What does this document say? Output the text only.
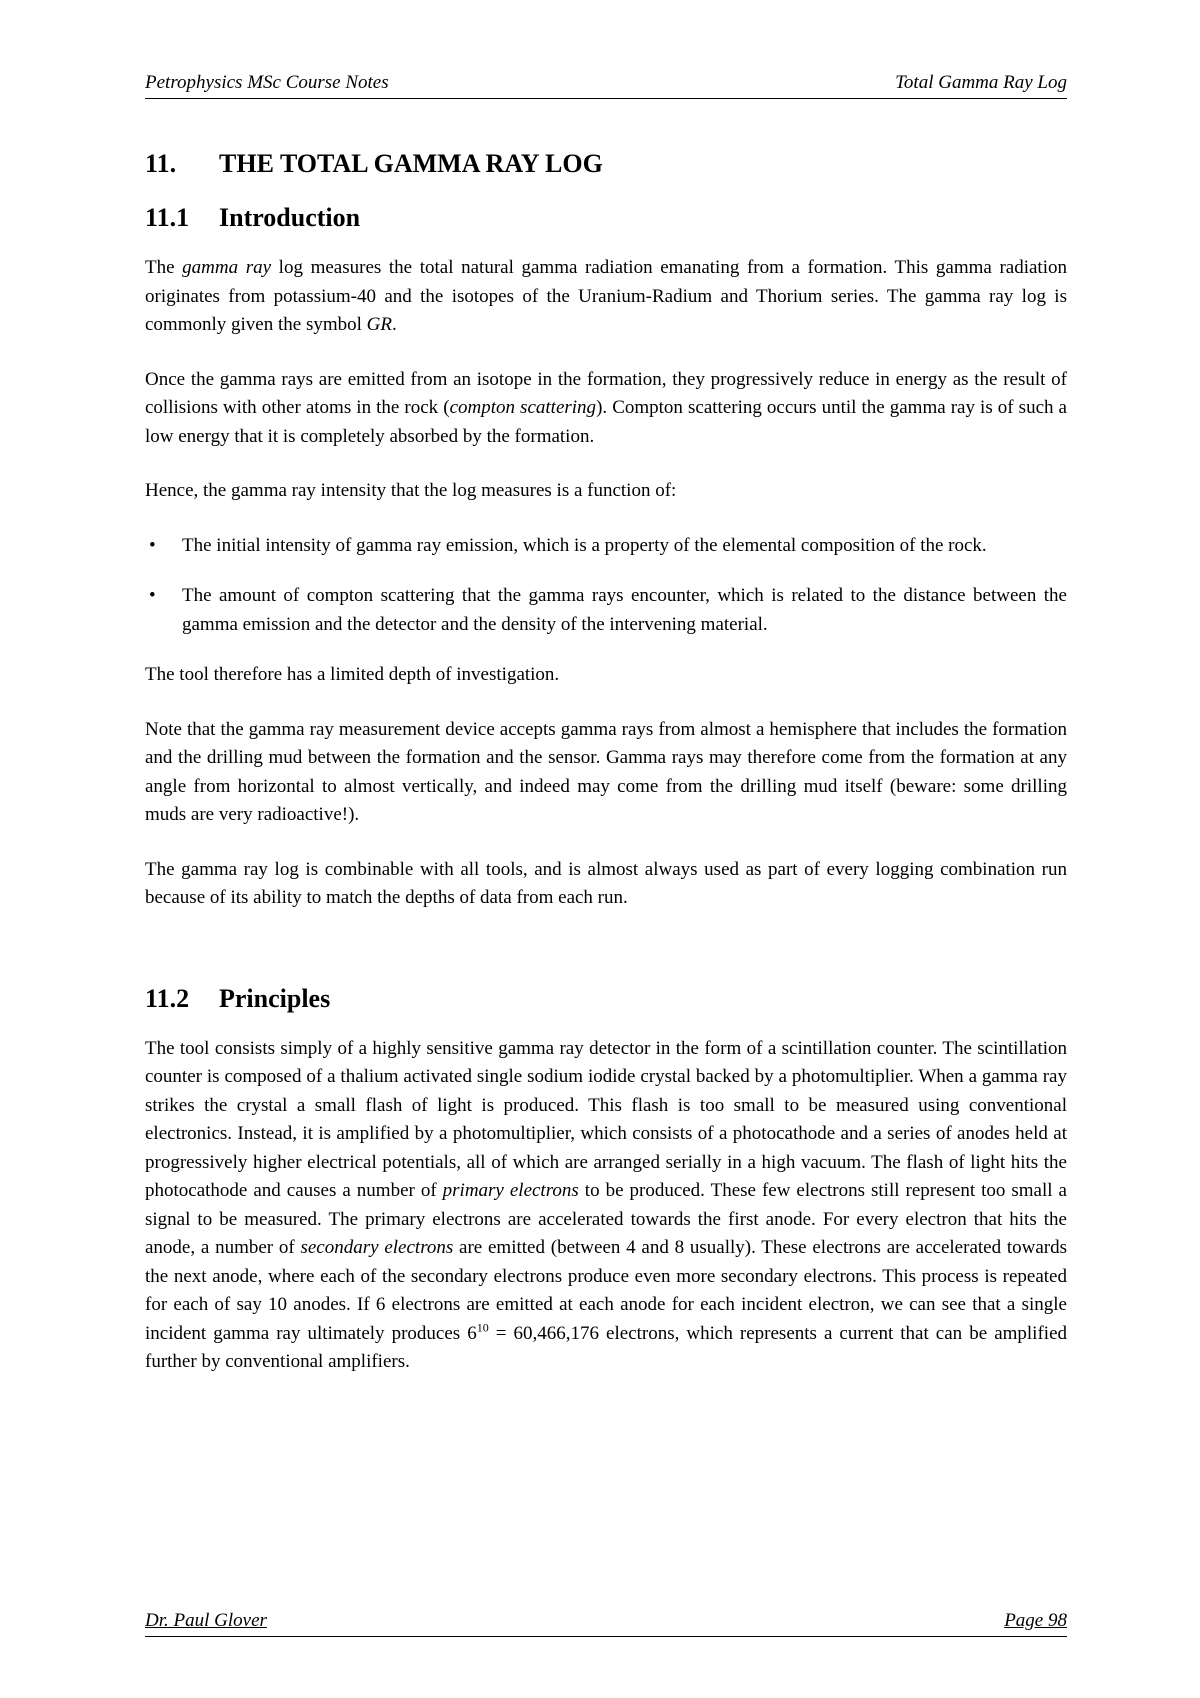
Petrophysics MSc Course Notes	Total Gamma Ray Log
11.	THE TOTAL GAMMA RAY LOG
11.1	Introduction

The gamma ray log measures the total natural gamma radiation emanating from a formation. This gamma radiation originates from potassium-40 and the isotopes of the Uranium-Radium and Thorium series. The gamma ray log is commonly given the symbol GR.

Once the gamma rays are emitted from an isotope in the formation, they progressively reduce in energy as the result of collisions with other atoms in the rock (compton scattering). Compton scattering occurs until the gamma ray is of such a low energy that it is completely absorbed by the formation.

Hence, the gamma ray intensity that the log measures is a function of:

• The initial intensity of gamma ray emission, which is a property of the elemental composition of the rock.
• The amount of compton scattering that the gamma rays encounter, which is related to the distance between the gamma emission and the detector and the density of the intervening material.

The tool therefore has a limited depth of investigation.

Note that the gamma ray measurement device accepts gamma rays from almost a hemisphere that includes the formation and the drilling mud between the formation and the sensor. Gamma rays may therefore come from the formation at any angle from horizontal to almost vertically, and indeed may come from the drilling mud itself (beware: some drilling muds are very radioactive!).

The gamma ray log is combinable with all tools, and is almost always used as part of every logging combination run because of its ability to match the depths of data from each run.

11.2	Principles

The tool consists simply of a highly sensitive gamma ray detector in the form of a scintillation counter. The scintillation counter is composed of a thalium activated single sodium iodide crystal backed by a photomultiplier. When a gamma ray strikes the crystal a small flash of light is produced. This flash is too small to be measured using conventional electronics. Instead, it is amplified by a photomultiplier, which consists of a photocathode and a series of anodes held at progressively higher electrical potentials, all of which are arranged serially in a high vacuum. The flash of light hits the photocathode and causes a number of primary electrons to be produced. These few electrons still represent too small a signal to be measured. The primary electrons are accelerated towards the first anode. For every electron that hits the anode, a number of secondary electrons are emitted (between 4 and 8 usually). These electrons are accelerated towards the next anode, where each of the secondary electrons produce even more secondary electrons. This process is repeated for each of say 10 anodes. If 6 electrons are emitted at each anode for each incident electron, we can see that a single incident gamma ray ultimately produces $6^{10} = 60,466,176$ electrons, which represents a current that can be amplified further by conventional amplifiers.

Dr. Paul Glover	Page 98
